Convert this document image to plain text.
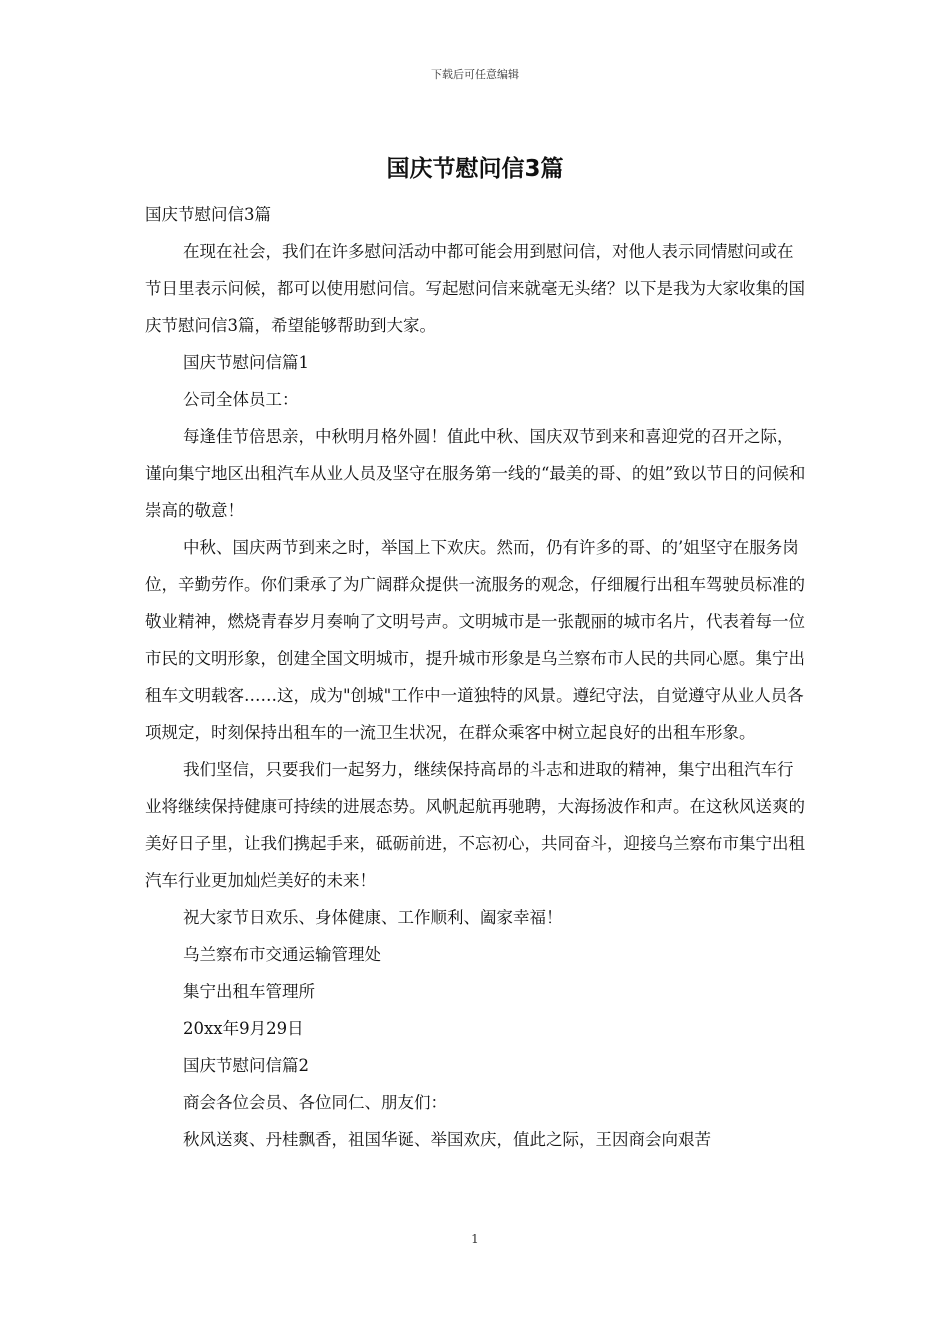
下载后可任意编辑
国庆节慰问信3篇

国庆节慰问信3篇

在现在社会，我们在许多慰问活动中都可能会用到慰问信，对他人表示同情慰问或在节日里表示问候，都可以使用慰问信。写起慰问信来就毫无头绪？以下是我为大家收集的国庆节慰问信3篇，希望能够帮助到大家。

国庆节慰问信篇1

公司全体员工：

每逢佳节倍思亲，中秋明月格外圆！值此中秋、国庆双节到来和喜迎党的召开之际，谨向集宁地区出租汽车从业人员及坚守在服务第一线的“最美的哥、的姐”致以节日的问候和崇高的敬意！

中秋、国庆两节到来之时，举国上下欢庆。然而，仍有许多的哥、的’姐坚守在服务岗位，辛勤劳作。你们秉承了为广阔群众提供一流服务的观念，仔细履行出租车驾驶员标准的敬业精神，燃烧青春岁月奏响了文明号声。文明城市是一张靓丽的城市名片，代表着每一位市民的文明形象，创建全国文明城市，提升城市形象是乌兰察布市人民的共同心愿。集宁出租车文明载客……这，成为"创城"工作中一道独特的风景。遵纪守法，自觉遵守从业人员各项规定，时刻保持出租车的一流卫生状况，在群众乘客中树立起良好的出租车形象。

我们坚信，只要我们一起努力，继续保持高昂的斗志和进取的精神，集宁出租汽车行业将继续保持健康可持续的进展态势。风帆起航再驰聘，大海扬波作和声。在这秋风送爽的美好日子里，让我们携起手来，砥砺前进，不忘初心，共同奋斗，迎接乌兰察布市集宁出租汽车行业更加灿烂美好的未来！

祝大家节日欢乐、身体健康、工作顺利、阖家幸福！

乌兰察布市交通运输管理处

集宁出租车管理所

20xx年9月29日

国庆节慰问信篇2

商会各位会员、各位同仁、朋友们：

秋风送爽、丹桂飘香，祖国华诞、举国欢庆，值此之际，王因商会向艰苦

1
